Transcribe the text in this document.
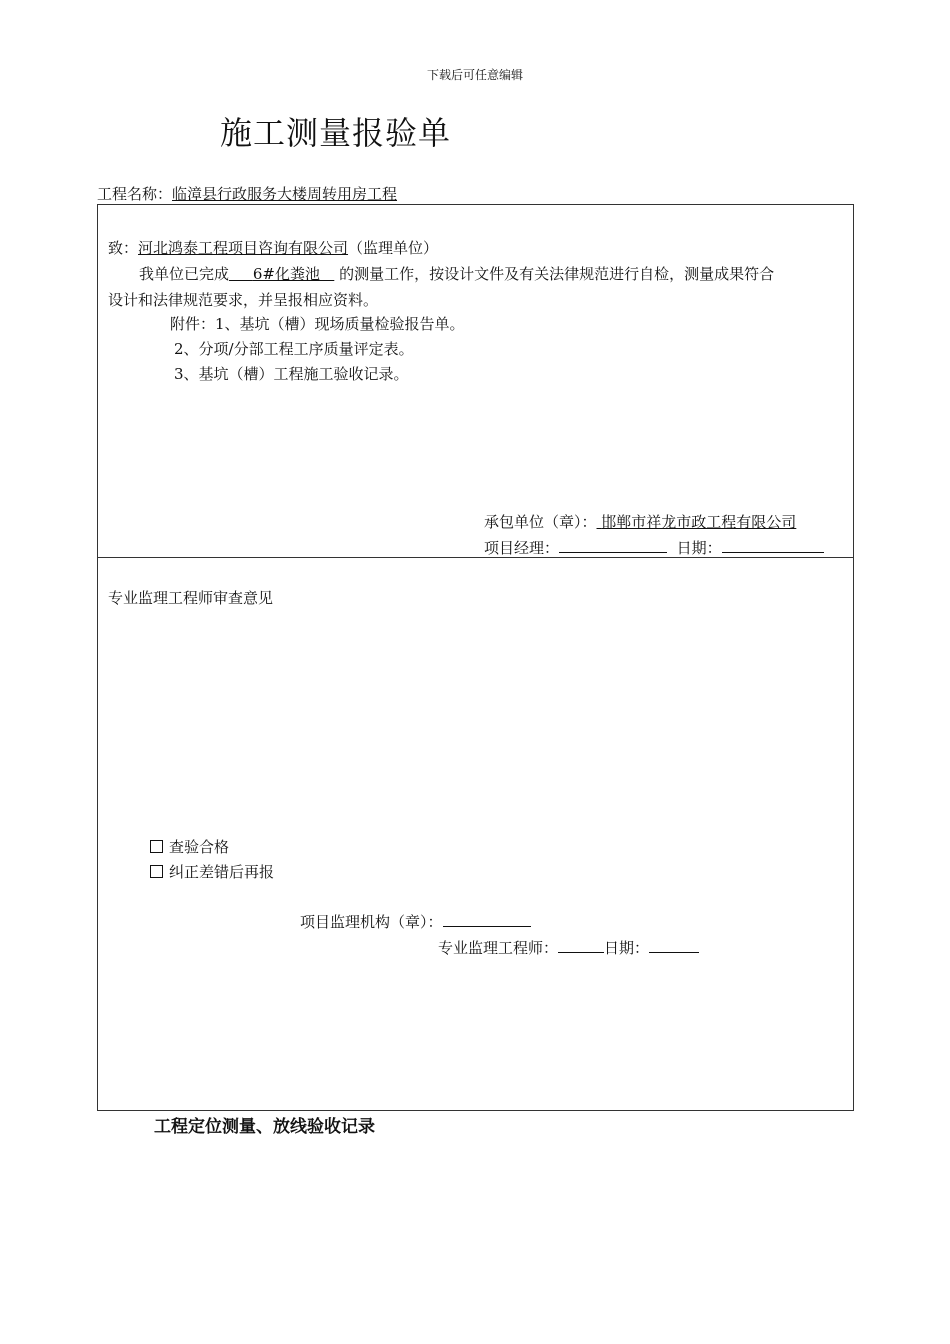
下载后可任意编辑
施工测量报验单
工程名称：临漳县行政服务大楼周转用房工程
致：河北鸿泰工程项目咨询有限公司（监理单位）
我单位已完成 6#化粪池 的测量工作，按设计文件及有关法律规范进行自检，测量成果符合
设计和法律规范要求，并呈报相应资料。
附件：1、基坑（槽）现场质量检验报告单。
2、分项/分部工程工序质量评定表。
3、基坑（槽）工程施工验收记录。
承包单位（章）： 邯郸市祥龙市政工程有限公司
项目经理：	日期：
专业监理工程师审查意见
查验合格
纠正差错后再报
项目监理机构（章）：
专业监理工程师：	日期：
工程定位测量、放线验收记录
